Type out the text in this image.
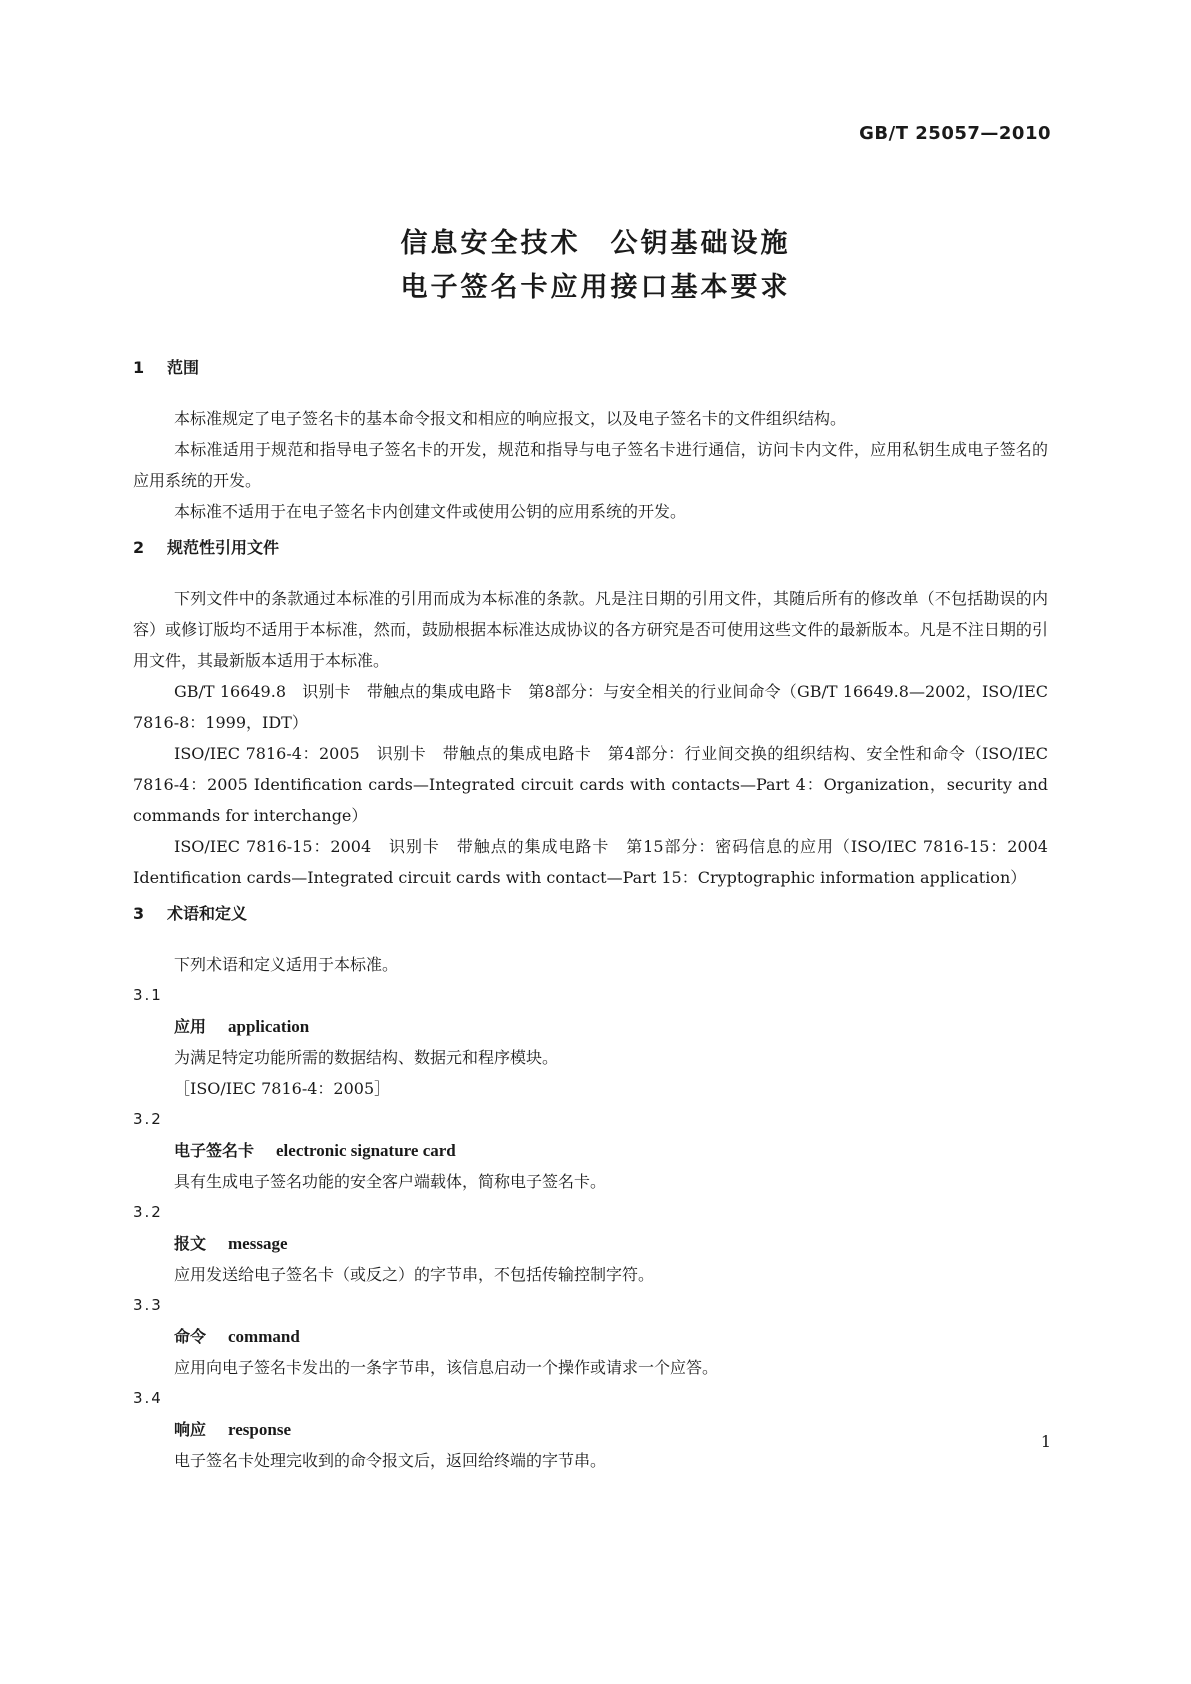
GB/T 25057—2010
信息安全技术　公钥基础设施
电子签名卡应用接口基本要求
1 范围

本标准规定了电子签名卡的基本命令报文和相应的响应报文，以及电子签名卡的文件组织结构。

本标准适用于规范和指导电子签名卡的开发，规范和指导与电子签名卡进行通信，访问卡内文件，应用私钥生成电子签名的应用系统的开发。

本标准不适用于在电子签名卡内创建文件或使用公钥的应用系统的开发。

2 规范性引用文件

下列文件中的条款通过本标准的引用而成为本标准的条款。凡是注日期的引用文件，其随后所有的修改单（不包括勘误的内容）或修订版均不适用于本标准，然而，鼓励根据本标准达成协议的各方研究是否可使用这些文件的最新版本。凡是不注日期的引用文件，其最新版本适用于本标准。

GB/T 16649.8　识别卡　带触点的集成电路卡　第8部分：与安全相关的行业间命令（GB/T 16649.8—2002，ISO/IEC 7816-8：1999，IDT）

ISO/IEC 7816-4：2005　识别卡　带触点的集成电路卡　第4部分：行业间交换的组织结构、安全性和命令（ISO/IEC 7816-4：2005 Identification cards—Integrated circuit cards with contacts—Part 4：Organization，security and commands for interchange）

ISO/IEC 7816-15：2004　识别卡　带触点的集成电路卡　第15部分：密码信息的应用（ISO/IEC 7816-15：2004 Identification cards—Integrated circuit cards with contact—Part 15：Cryptographic information application）

3 术语和定义

下列术语和定义适用于本标准。

3.1

应用 application

为满足特定功能所需的数据结构、数据元和程序模块。

［ISO/IEC 7816-4：2005］

3.2

电子签名卡 electronic signature card

具有生成电子签名功能的安全客户端载体，简称电子签名卡。

3.2

报文 message

应用发送给电子签名卡（或反之）的字节串，不包括传输控制字符。

3.3

命令 command

应用向电子签名卡发出的一条字节串，该信息启动一个操作或请求一个应答。

3.4

响应 response

电子签名卡处理完收到的命令报文后，返回给终端的字节串。

1
